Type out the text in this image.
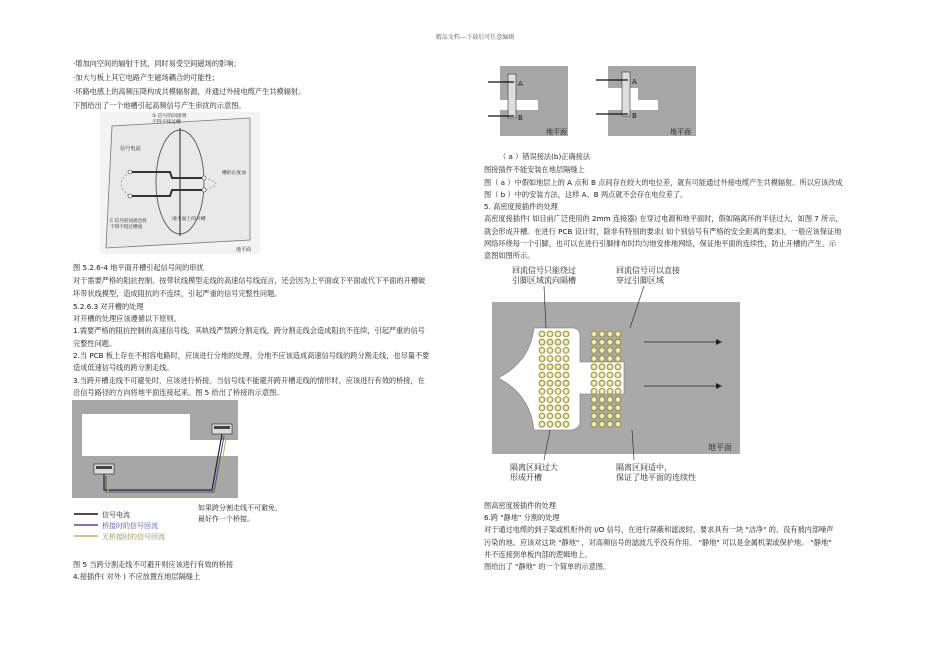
精品文档---下载后可任意编辑
·增加向空间的辐射干扰，同时易受空间磁场的影响；
·加大与板上其它电路产生磁场耦合的可能性；
·环路电感上的高频压降构成共模辐射源，并通过外接电缆产生共模辐射。
下图给出了一个地槽引起高频信号产生串扰的示意图。
① 信号的回流将
不得不绕过槽
信号电流
槽的长度加
地平面上的开槽
C 信号的回流也将
不得不绕过槽流
地平面
图 5.2.6-4 地平面开槽引起信号间的串扰
对于需要严格的阻抗控制、按带状线模型走线的高速信号线而言，还会因为上平面或下平面或代下平面的开槽破
坏带状线模型，造成阻抗的不连续，引起严重的信号完整性问题。
5.2.6.3 对开槽的处理
对开槽的处理应该遵循以下原则。
1.需要严格的阻抗控制的高速信号线，其轨线严禁跨分割走线，跨分割走线会造成阻抗不连续，引起严重的信号
完整性问题。
2.当 PCB 板上存在不相容电路时，应该进行分地的处理。分地不应该造成高速信号线的跨分割走线，也尽量不要
造成低速信号线的跨分割走线。
3.当跨开槽走线不可避免时，应该进行桥接。当信号线不能避开跨开槽走线的情形时，应该进行有效的桥接，在
沿信号路径的方向将地平面连接起来。图 5 给出了桥接的示意图。
信号电流
桥接时的信号回流
无桥接时的信号回流
如果跨分割走线不可避免，
最好作一个桥接。
图 5 当跨分割走线不可避开则应该进行有效的桥接
4.接插件( 对外 ) 不应放置在地层隔缝上
A
B
地平面
A
B
地平面
（ a ）错误接法(b)正确接法
图接插件不能安装在地层隔缝上
图（ a ）中假如地层上的 A 点和 B 点间存在较大的电位差，就有可能通过外接电缆产生共模辐射。所以应该改成
图（ b ）中的安装方法，这样 A、B 两点就不会存在电位差了。
5. 高密度接插件的处理
高密度接插件( 如目前广泛使用的 2mm 连接器) 在穿过电源和地平面时，假如隔离环的半径过大，如图 7 所示，
就会形成开槽。在进行 PCB 设计时，除非有特别的要求( 如个别信号有严格的安全距离的要求)，一般应该保证地
网络环绕每一个引脚，也可以在进行引脚排布时均匀地安排地网络，保证地平面的连续性，防止开槽的产生。示
意图如图所示。
回流信号只能绕过
引脚区域流向隔槽
回流信号可以直接
穿过引脚区域
隔离区间过大
形成开槽
隔离区间适中，
保证了地平面的连续性
地平面
图高密度接插件的处理
6.跨 "静地" 分割的处理
对于通过电缆的到子架或机柜外的 I/O 信号，在进行屏蔽和滤波时，要求具有一块 "洁净" 的、没有被内部噪声
污染的地。应该对这块 "静地" ，对高频信号的滤波几乎没有作用。 "静地" 可以是金属机架或保护地。 "静地"
并不连接到单板内部的逻辑地上。
图给出了 "静地" 的一个简单的示意图。
